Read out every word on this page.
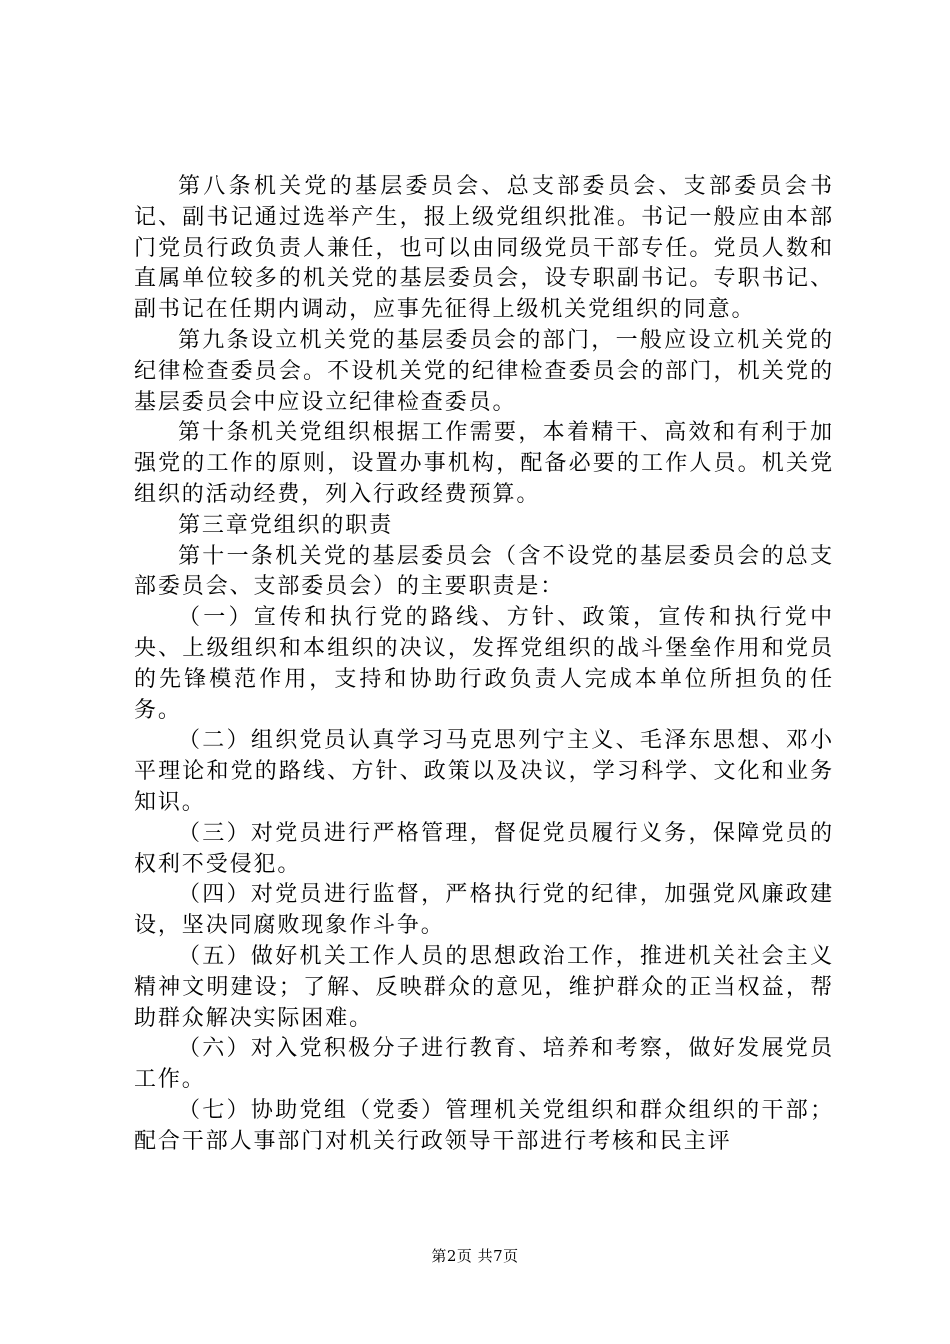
第八条机关党的基层委员会、总支部委员会、支部委员会书记、副书记通过选举产生，报上级党组织批准。书记一般应由本部门党员行政负责人兼任，也可以由同级党员干部专任。党员人数和直属单位较多的机关党的基层委员会，设专职副书记。专职书记、副书记在任期内调动，应事先征得上级机关党组织的同意。

第九条设立机关党的基层委员会的部门，一般应设立机关党的纪律检查委员会。不设机关党的纪律检查委员会的部门，机关党的基层委员会中应设立纪律检查委员。

第十条机关党组织根据工作需要，本着精干、高效和有利于加强党的工作的原则，设置办事机构，配备必要的工作人员。机关党组织的活动经费，列入行政经费预算。

第三章党组织的职责

第十一条机关党的基层委员会（含不设党的基层委员会的总支部委员会、支部委员会）的主要职责是：

（一）宣传和执行党的路线、方针、政策，宣传和执行党中央、上级组织和本组织的决议，发挥党组织的战斗堡垒作用和党员的先锋模范作用，支持和协助行政负责人完成本单位所担负的任务。

（二）组织党员认真学习马克思列宁主义、毛泽东思想、邓小平理论和党的路线、方针、政策以及决议，学习科学、文化和业务知识。

（三）对党员进行严格管理，督促党员履行义务，保障党员的权利不受侵犯。

（四）对党员进行监督，严格执行党的纪律，加强党风廉政建设，坚决同腐败现象作斗争。

（五）做好机关工作人员的思想政治工作，推进机关社会主义精神文明建设；了解、反映群众的意见，维护群众的正当权益，帮助群众解决实际困难。

（六）对入党积极分子进行教育、培养和考察，做好发展党员工作。

（七）协助党组（党委）管理机关党组织和群众组织的干部；配合干部人事部门对机关行政领导干部进行考核和民主评

第2页 共7页
